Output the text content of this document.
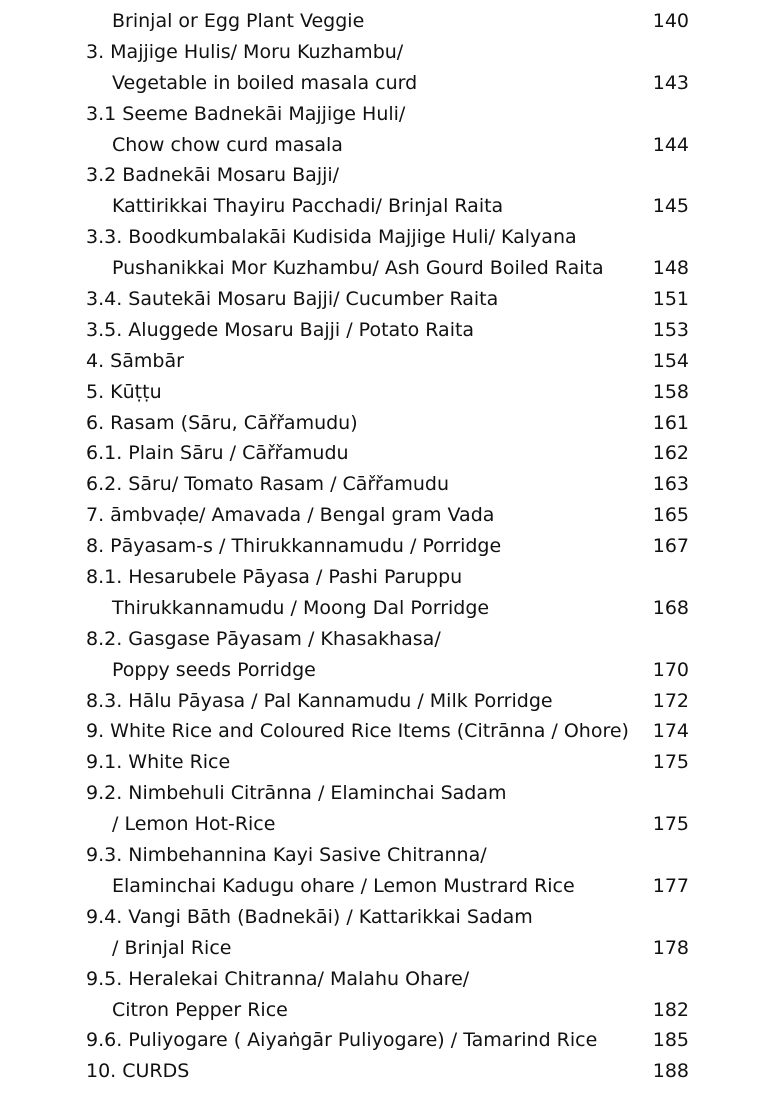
Brinjal or Egg Plant Veggie	140
3. Majjige Hulis/ Moru Kuzhambu/
Vegetable in boiled masala curd	143
3.1 Seeme Badnekāi Majjige Huli/
Chow chow curd masala	144
3.2 Badnekāi Mosaru Bajji/
Kattirikkai Thayiru Pacchadi/ Brinjal Raita	145
3.3. Boodkumbalakāi Kudisida Majjige Huli/ Kalyana
Pushanikkai Mor Kuzhambu/ Ash Gourd Boiled Raita	148
3.4. Sautekāi Mosaru Bajji/ Cucumber Raita	151
3.5. Aluggede Mosaru Bajji / Potato Raita	153
4. Sāmbār	154
5. Kūṭṭu	158
6. Rasam (Sāru, Cāřřamudu)	161
6.1. Plain Sāru / Cāřřamudu	162
6.2. Sāru/ Tomato Rasam / Cāřřamudu	163
7. āmbvaḍe/ Amavada / Bengal gram Vada	165
8. Pāyasam-s / Thirukkannamudu / Porridge	167
8.1. Hesarubele Pāyasa / Pashi Paruppu
Thirukkannamudu / Moong Dal Porridge	168
8.2. Gasgase Pāyasam / Khasakhasa/
Poppy seeds Porridge	170
8.3. Hālu Pāyasa / Pal Kannamudu / Milk Porridge	172
9. White Rice and Coloured Rice Items (Citrānna / Ohore) 174
9.1. White Rice	175
9.2. Nimbehuli Citrānna / Elaminchai Sadam
/ Lemon Hot-Rice	175
9.3. Nimbehannina Kayi Sasive Chitranna/
Elaminchai Kadugu ohare / Lemon Mustrard Rice	177
9.4. Vangi Bāth (Badnekāi) / Kattarikkai Sadam
/ Brinjal Rice	178
9.5. Heralekai Chitranna/ Malahu Ohare/
Citron Pepper Rice	182
9.6. Puliyogare ( Aiyaṅgār Puliyogare) / Tamarind Rice	185
10. CURDS	188
